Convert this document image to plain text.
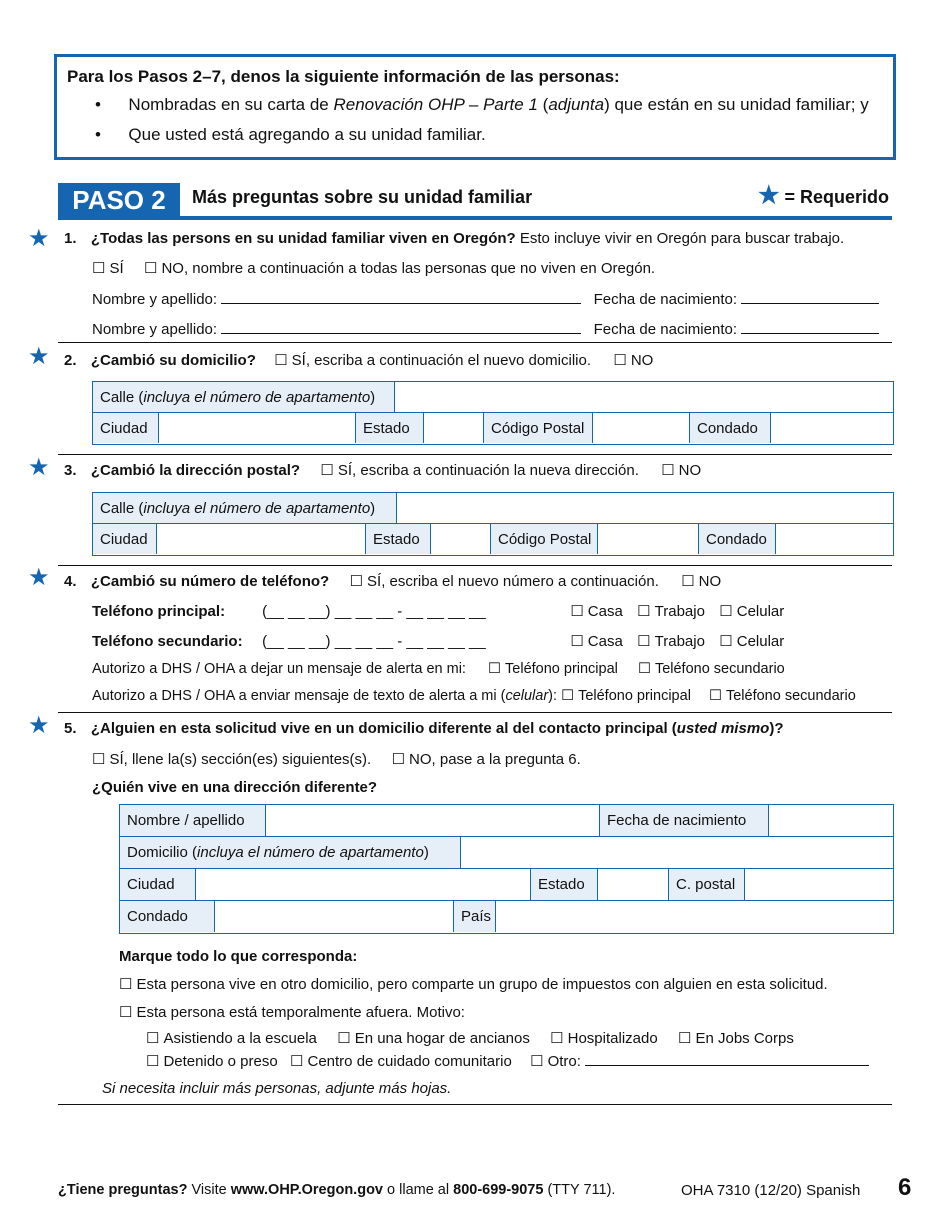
Para los Pasos 2–7, denos la siguiente información de las personas:
• Nombradas en su carta de Renovación OHP – Parte 1 (adjunta) que están en su unidad familiar; y
• Que usted está agregando a su unidad familiar.
PASO 2 Más preguntas sobre su unidad familiar	★ = Requerido
★ 1. ¿Todas las persons en su unidad familiar viven en Oregón? Esto incluye vivir en Oregón para buscar trabajo.
☐ SÍ	☐ NO, nombre a continuación a todas las personas que no viven en Oregón.
Nombre y apellido:	Fecha de nacimiento:
Nombre y apellido:	Fecha de nacimiento:
★ 2. ¿Cambió su domicilio? ☐ SÍ, escriba a continuación el nuevo domicilio.	☐ NO
Calle ( incluya el número de apartamento )
Ciudad	Estado	Código Postal	Condado
★ 3. ¿Cambió la dirección postal?	☐ SÍ, escriba a continuación la nueva dirección.	☐ NO
Calle ( incluya el número de apartamento )
Ciudad	Estado	Código Postal	Condado
★ 4. ¿Cambió su número de teléfono?	☐ SÍ, escriba el nuevo número a continuación.	☐ NO
Teléfono principal: (__ __ __) __ __ __ - __ __ __ __	☐ Casa ☐ Trabajo ☐ Celular
Teléfono secundario: (__ __ __) __ __ __ - __ __ __ __	☐ Casa ☐ Trabajo ☐ Celular
Autorizo a DHS / OHA a dejar un mensaje de alerta en mi:	☐ Teléfono principal	☐ Teléfono secundario
Autorizo a DHS / OHA a enviar mensaje de texto de alerta a mi (celular): ☐ Teléfono principal ☐ Teléfono secundario
★ 5. ¿Alguien en esta solicitud vive en un domicilio diferente al del contacto principal (usted mismo)?
☐ SÍ, llene la(s) sección(es) siguientes(s).	☐ NO, pase a la pregunta 6.
¿Quién vive en una dirección diferente?
Nombre / apellido	Fecha de nacimiento
Domicilio ( incluya el número de apartamento )
Ciudad	Estado	C. postal
Condado	País
Marque todo lo que corresponda:
☐ Esta persona vive en otro domicilio, pero comparte un grupo de impuestos con alguien en esta solicitud.
☐ Esta persona está temporalmente afuera. Motivo:
☐ Asistiendo a la escuela	☐ En una hogar de ancianos	☐ Hospitalizado	☐ En Jobs Corps
☐ Detenido o preso ☐ Centro de cuidado comunitario ☐ Otro:
Si necesita incluir más personas, adjunte más hojas.
¿Tiene preguntas? Visite www.OHP.Oregon.gov o llame al 800-699-9075 (TTY 711).	OHA 7310 (12/20) Spanish 6
